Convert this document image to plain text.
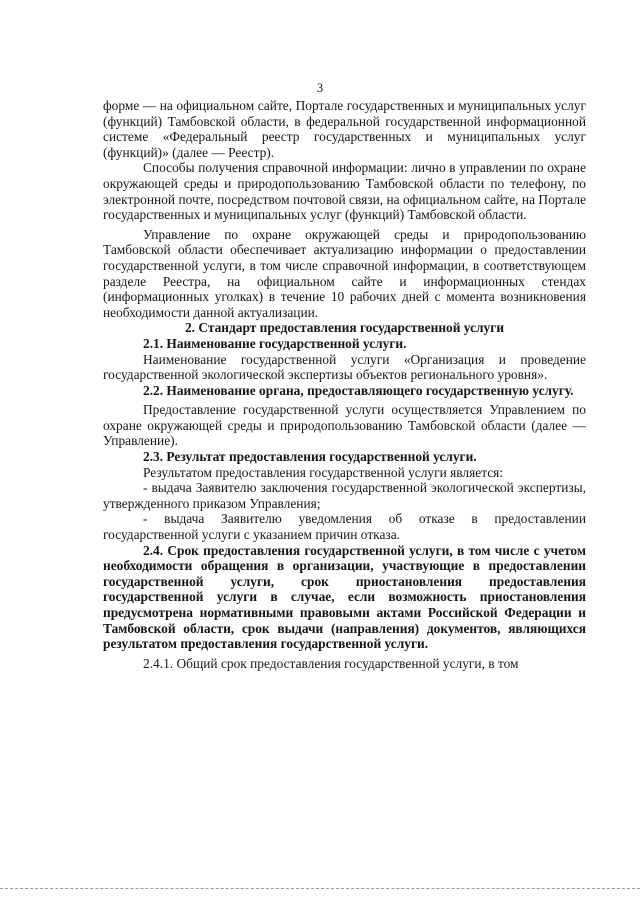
3

форме — на официальном сайте, Портале государственных и муниципальных услуг (функций) Тамбовской области, в федеральной государственной информационной системе «Федеральный реестр государственных и муниципальных услуг (функций)» (далее — Реестр).

Способы получения справочной информации: лично в управлении по охране окружающей среды и природопользованию Тамбовской области по телефону, по электронной почте, посредством почтовой связи, на официальном сайте, на Портале государственных и муниципальных услуг (функций) Тамбовской области.

Управление по охране окружающей среды и природопользованию Тамбовской области обеспечивает актуализацию информации о предоставлении государственной услуги, в том числе справочной информации, в соответствующем разделе Реестра, на официальном сайте и информационных стендах (информационных уголках) в течение 10 рабочих дней с момента возникновения необходимости данной актуализации.

2. Стандарт предоставления государственной услуги

2.1. Наименование государственной услуги.

Наименование государственной услуги «Организация и проведение государственной экологической экспертизы объектов регионального уровня».

2.2. Наименование органа, предоставляющего государственную услугу.

Предоставление государственной услуги осуществляется Управлением по охране окружающей среды и природопользованию Тамбовской области (далее — Управление).

2.3. Результат предоставления государственной услуги.

Результатом предоставления государственной услуги является:

- выдача Заявителю заключения государственной экологической экспертизы, утвержденного приказом Управления;

- выдача Заявителю уведомления об отказе в предоставлении государственной услуги с указанием причин отказа.

2.4. Срок предоставления государственной услуги, в том числе с учетом необходимости обращения в организации, участвующие в предоставлении государственной услуги, срок приостановления предоставления государственной услуги в случае, если возможность приостановления предусмотрена нормативными правовыми актами Российской Федерации и Тамбовской области, срок выдачи (направления) документов, являющихся результатом предоставления государственной услуги.

2.4.1. Общий срок предоставления государственной услуги, в том
